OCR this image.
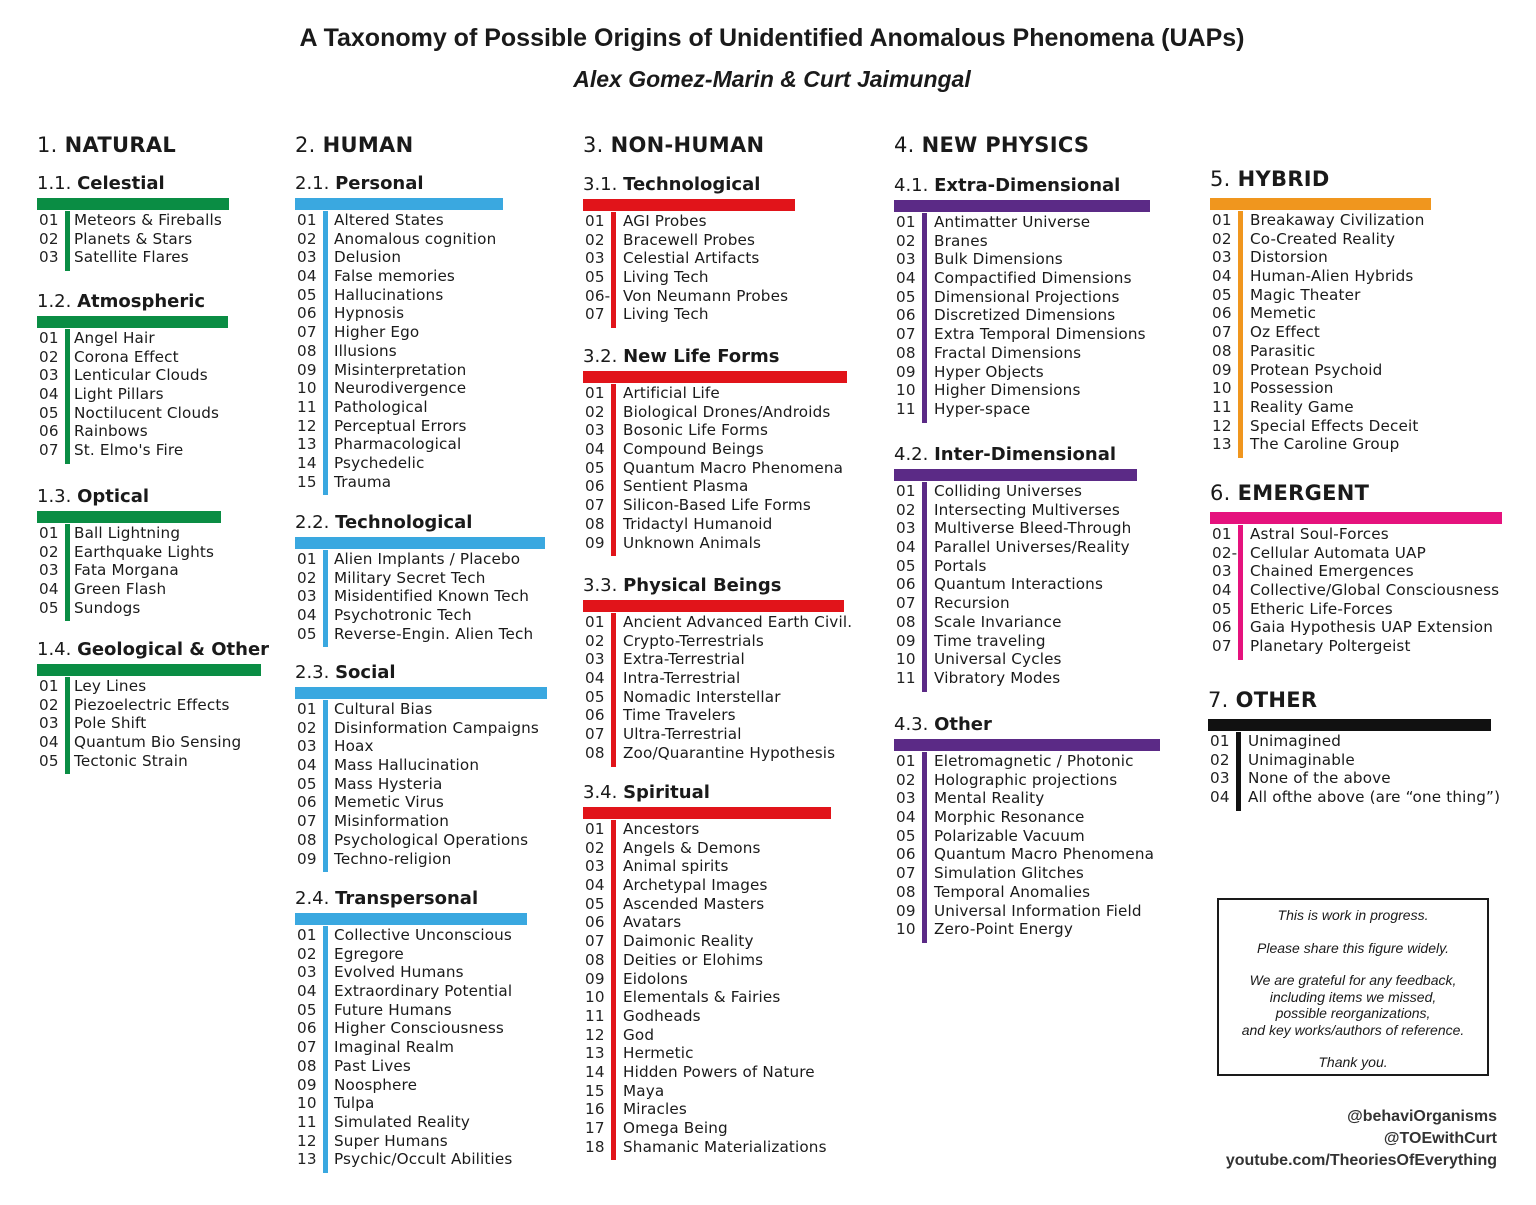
A Taxonomy of Possible Origins of Unidentified Anomalous Phenomena (UAPs)
Alex Gomez-Marin & Curt Jaimungal
1. NATURAL
1.1. Celestial
01 Meteors & Fireballs
02 Planets & Stars
03 Satellite Flares
1.2. Atmospheric
01 Angel Hair
02 Corona Effect
03 Lenticular Clouds
04 Light Pillars
05 Noctilucent Clouds
06 Rainbows
07 St. Elmo's Fire
1.3. Optical
01 Ball Lightning
02 Earthquake Lights
03 Fata Morgana
04 Green Flash
05 Sundogs
1.4. Geological & Other
01 Ley Lines
02 Piezoelectric Effects
03 Pole Shift
04 Quantum Bio Sensing
05 Tectonic Strain
2. HUMAN
2.1. Personal
01 Altered States
02 Anomalous cognition
03 Delusion
04 False memories
05 Hallucinations
06 Hypnosis
07 Higher Ego
08 Illusions
09 Misinterpretation
10 Neurodivergence
11 Pathological
12 Perceptual Errors
13 Pharmacological
14 Psychedelic
15 Trauma
2.2. Technological
01 Alien Implants / Placebo
02 Military Secret Tech
03 Misidentified Known Tech
04 Psychotronic Tech
05 Reverse-Engin. Alien Tech
2.3. Social
01 Cultural Bias
02 Disinformation Campaigns
03 Hoax
04 Mass Hallucination
05 Mass Hysteria
06 Memetic Virus
07 Misinformation
08 Psychological Operations
09 Techno-religion
2.4. Transpersonal
01 Collective Unconscious
02 Egregore
03 Evolved Humans
04 Extraordinary Potential
05 Future Humans
06 Higher Consciousness
07 Imaginal Realm
08 Past Lives
09 Noosphere
10 Tulpa
11 Simulated Reality
12 Super Humans
13 Psychic/Occult Abilities
3. NON-HUMAN
3.1. Technological
01 AGI Probes
02 Bracewell Probes
03 Celestial Artifacts
05 Living Tech
06- Von Neumann Probes
07 Living Tech
3.2. New Life Forms
01 Artificial Life
02 Biological Drones/Androids
03 Bosonic Life Forms
04 Compound Beings
05 Quantum Macro Phenomena
06 Sentient Plasma
07 Silicon-Based Life Forms
08 Tridactyl Humanoid
09 Unknown Animals
3.3. Physical Beings
01 Ancient Advanced Earth Civil.
02 Crypto-Terrestrials
03 Extra-Terrestrial
04 Intra-Terrestrial
05 Nomadic Interstellar
06 Time Travelers
07 Ultra-Terrestrial
08 Zoo/Quarantine Hypothesis
3.4. Spiritual
01 Ancestors
02 Angels & Demons
03 Animal spirits
04 Archetypal Images
05 Ascended Masters
06 Avatars
07 Daimonic Reality
08 Deities or Elohims
09 Eidolons
10 Elementals & Fairies
11 Godheads
12 God
13 Hermetic
14 Hidden Powers of Nature
15 Maya
16 Miracles
17 Omega Being
18 Shamanic Materializations
4. NEW PHYSICS
4.1. Extra-Dimensional
01 Antimatter Universe
02 Branes
03 Bulk Dimensions
04 Compactified Dimensions
05 Dimensional Projections
06 Discretized Dimensions
07 Extra Temporal Dimensions
08 Fractal Dimensions
09 Hyper Objects
10 Higher Dimensions
11 Hyper-space
4.2. Inter-Dimensional
01 Colliding Universes
02 Intersecting Multiverses
03 Multiverse Bleed-Through
04 Parallel Universes/Reality
05 Portals
06 Quantum Interactions
07 Recursion
08 Scale Invariance
09 Time traveling
10 Universal Cycles
11 Vibratory Modes
4.3. Other
01 Eletromagnetic / Photonic
02 Holographic projections
03 Mental Reality
04 Morphic Resonance
05 Polarizable Vacuum
06 Quantum Macro Phenomena
07 Simulation Glitches
08 Temporal Anomalies
09 Universal Information Field
10 Zero-Point Energy
5. HYBRID
01 Breakaway Civilization
02 Co-Created Reality
03 Distorsion
04 Human-Alien Hybrids
05 Magic Theater
06 Memetic
07 Oz Effect
08 Parasitic
09 Protean Psychoid
10 Possession
11 Reality Game
12 Special Effects Deceit
13 The Caroline Group
6. EMERGENT
01 Astral Soul-Forces
02- Cellular Automata UAP
03 Chained Emergences
04 Collective/Global Consciousness
05 Etheric Life-Forces
06 Gaia Hypothesis UAP Extension
07 Planetary Poltergeist
7. OTHER
01 Unimagined
02 Unimaginable
03 None of the above
04 All ofthe above (are “one thing”)

This is work in progress.

Please share this figure widely.

We are grateful for any feedback,
including items we missed,
possible reorganizations,
and key works/authors of reference.

Thank you.

@behaviOrganisms
@TOEwithCurt
youtube.com/TheoriesOfEverything
